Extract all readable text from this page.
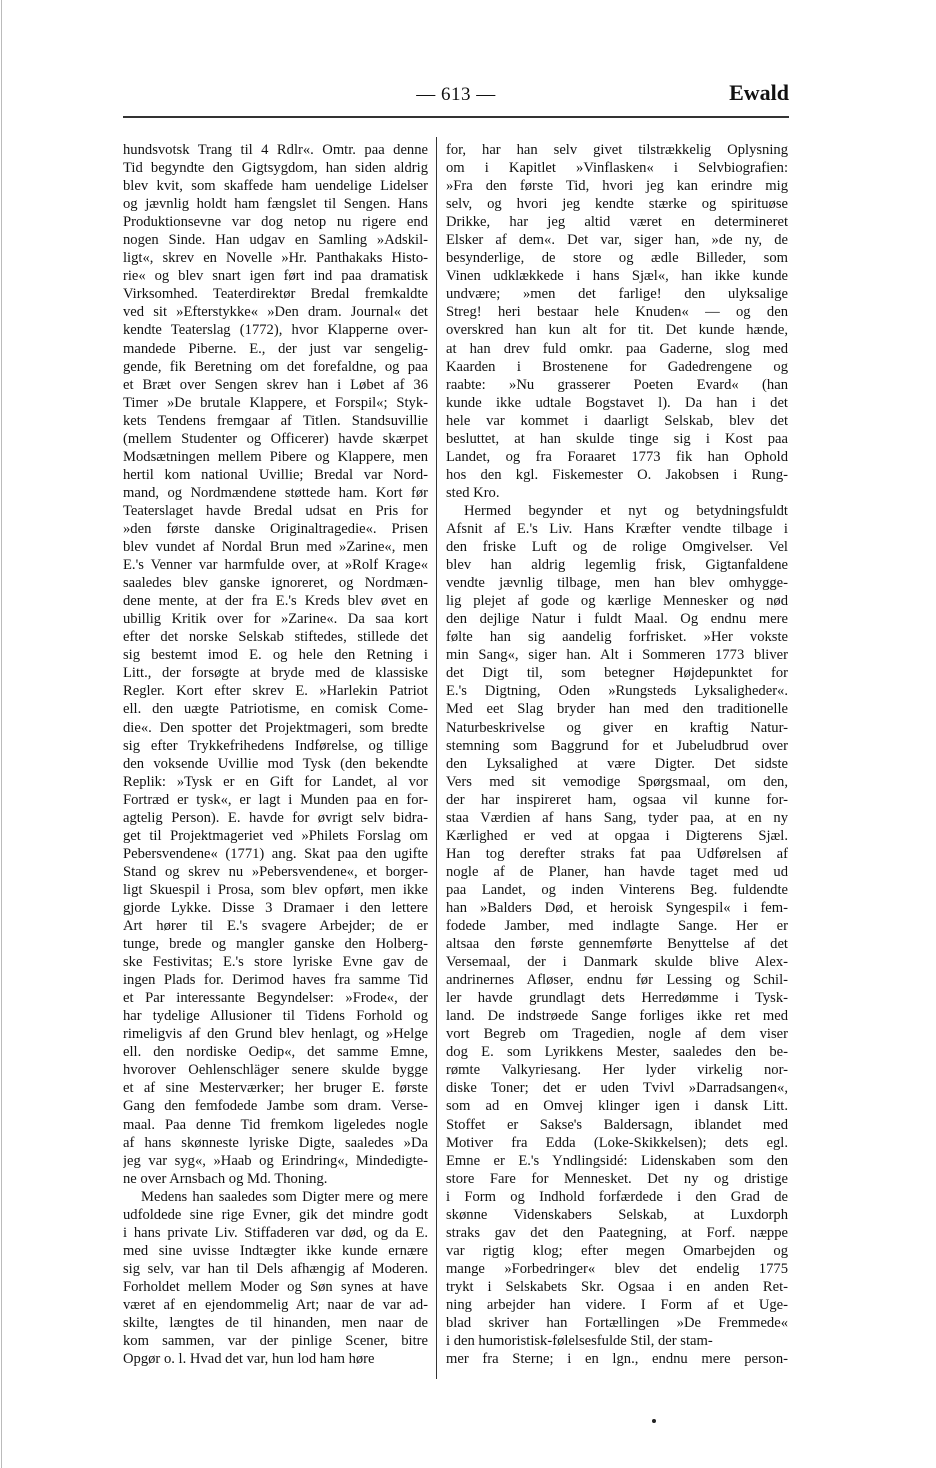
— 613 —	Ewald
hundsvotsk Trang til 4 Rdlr«. Omtr. paa denne
Tid begyndte den Gigtsygdom, han siden aldrig
blev kvit, som skaffede ham uendelige Lidelser
og jævnlig holdt ham fængslet til Sengen. Hans
Produktionsevne var dog netop nu rigere end
nogen Sinde. Han udgav en Samling »Adskil-
ligt«, skrev en Novelle »Hr. Panthakaks Histo-
rie« og blev snart igen ført ind paa dramatisk
Virksomhed. Teaterdirektør Bredal fremkaldte
ved sit »Efterstykke« »Den dram. Journal« det
kendte Teaterslag (1772), hvor Klapperne over-
mandede Piberne. E., der just var sengelig-
gende, fik Beretning om det forefaldne, og paa
et Bræt over Sengen skrev han i Løbet af 36
Timer »De brutale Klappere, et Forspil«; Styk-
kets Tendens fremgaar af Titlen. Standsuvillie
(mellem Studenter og Officerer) havde skærpet
Modsætningen mellem Pibere og Klappere, men
hertil kom national Uvillie; Bredal var Nord-
mand, og Nordmændene støttede ham. Kort før
Teaterslaget havde Bredal udsat en Pris for
»den første danske Originaltragedie«. Prisen
blev vundet af Nordal Brun med »Zarine«, men
E.'s Venner var harmfulde over, at »Rolf Krage«
saaledes blev ganske ignoreret, og Nordmæn-
dene mente, at der fra E.'s Kreds blev øvet en
ubillig Kritik over for »Zarine«. Da saa kort
efter det norske Selskab stiftedes, stillede det
sig bestemt imod E. og hele den Retning i
Litt., der forsøgte at bryde med de klassiske
Regler. Kort efter skrev E. »Harlekin Patriot
ell. den uægte Patriotisme, en comisk Come-
die«. Den spotter det Projektmageri, som bredte
sig efter Trykkefrihedens Indførelse, og tillige
den voksende Uvillie mod Tysk (den bekendte
Replik: »Tysk er en Gift for Landet, al vor
Fortræd er tysk«, er lagt i Munden paa en for-
agtelig Person). E. havde for øvrigt selv bidra-
get til Projektmageriet ved »Philets Forslag om
Pebersvendene« (1771) ang. Skat paa den ugifte
Stand og skrev nu »Pebersvendene«, et borger-
ligt Skuespil i Prosa, som blev opført, men ikke
gjorde Lykke. Disse 3 Dramaer i den lettere
Art hører til E.'s svagere Arbejder; de er
tunge, brede og mangler ganske den Holberg-
ske Festivitas; E.'s store lyriske Evne gav de
ingen Plads for. Derimod haves fra samme Tid
et Par interessante Begyndelser: »Frode«, der
har tydelige Allusioner til Tidens Forhold og
rimeligvis af den Grund blev henlagt, og »Helge
ell. den nordiske Oedip«, det samme Emne,
hvorover Oehlenschläger senere skulde bygge
et af sine Mesterværker; her bruger E. første
Gang den femfodede Jambe som dram. Verse-
maal. Paa denne Tid fremkom ligeledes nogle
af hans skønneste lyriske Digte, saaledes »Da
jeg var syg«, »Haab og Erindring«, Mindedigte-
ne over Arnsbach og Md. Thoning.
Medens han saaledes som Digter mere og mere
udfoldede sine rige Evner, gik det mindre godt
i hans private Liv. Stiffaderen var død, og da E.
med sine uvisse Indtægter ikke kunde ernære
sig selv, var han til Dels afhængig af Moderen.
Forholdet mellem Moder og Søn synes at have
været af en ejendommelig Art; naar de var ad-
skilte, længtes de til hinanden, men naar de
kom sammen, var der pinlige Scener, bitre
Opgør o. l. Hvad det var, hun lod ham høre
for, har han selv givet tilstrækkelig Oplysning
om i Kapitlet »Vinflasken« i Selvbiografien:
»Fra den første Tid, hvori jeg kan erindre mig
selv, og hvori jeg kendte stærke og spirituøse
Drikke, har jeg altid været en determineret
Elsker af dem«. Det var, siger han, »de ny, de
besynderlige, de store og ædle Billeder, som
Vinen udklækkede i hans Sjæl«, han ikke kunde
undvære; »men det farlige! den ulyksalige
Streg! heri bestaar hele Knuden« — og den
overskred han kun alt for tit. Det kunde hænde,
at han drev fuld omkr. paa Gaderne, slog med
Kaarden i Brostenene for Gadedrengene og
raabte: »Nu grasserer Poeten Evard« (han
kunde ikke udtale Bogstavet l). Da han i det
hele var kommet i daarligt Selskab, blev det
besluttet, at han skulde tinge sig i Kost paa
Landet, og fra Foraaret 1773 fik han Ophold
hos den kgl. Fiskemester O. Jakobsen i Rung-
sted Kro.
Hermed begynder et nyt og betydningsfuldt
Afsnit af E.'s Liv. Hans Kræfter vendte tilbage i
den friske Luft og de rolige Omgivelser. Vel
blev han aldrig legemlig frisk, Gigtanfaldene
vendte jævnlig tilbage, men han blev omhygge-
lig plejet af gode og kærlige Mennesker og nød
den dejlige Natur i fuldt Maal. Og endnu mere
følte han sig aandelig forfrisket. »Her vokste
min Sang«, siger han. Alt i Sommeren 1773 bliver
det Digt til, som betegner Højdepunktet for
E.'s Digtning, Oden »Rungsteds Lyksaligheder«.
Med eet Slag bryder han med den traditionelle
Naturbeskrivelse og giver en kraftig Natur-
stemning som Baggrund for et Jubeludbrud over
den Lyksalighed at være Digter. Det sidste
Vers med sit vemodige Spørgsmaal, om den,
der har inspireret ham, ogsaa vil kunne for-
staa Værdien af hans Sang, tyder paa, at en ny
Kærlighed er ved at opgaa i Digterens Sjæl.
Han tog derefter straks fat paa Udførelsen af
nogle af de Planer, han havde taget med ud
paa Landet, og inden Vinterens Beg. fuldendte
han »Balders Død, et heroisk Syngespil« i fem-
fodede Jamber, med indlagte Sange. Her er
altsaa den første gennemførte Benyttelse af det
Versemaal, der i Danmark skulde blive Alex-
andrinernes Afløser, endnu før Lessing og Schil-
ler havde grundlagt dets Herredømme i Tysk-
land. De indstrøede Sange forliges ikke ret med
vort Begreb om Tragedien, nogle af dem viser
dog E. som Lyrikkens Mester, saaledes den be-
rømte Valkyriesang. Her lyder virkelig nor-
diske Toner; det er uden Tvivl »Darradsangen«,
som ad en Omvej klinger igen i dansk Litt.
Stoffet er Sakse's Baldersagn, iblandet med
Motiver fra Edda (Loke-Skikkelsen); dets egl.
Emne er E.'s Yndlingsidé: Lidenskaben som den
store Fare for Mennesket. Det ny og dristige
i Form og Indhold forfærdede i den Grad de
skønne Videnskabers Selskab, at Luxdorph
straks gav det den Paategning, at Forf. næppe
var rigtig klog; efter megen Omarbejden og
mange »Forbedringer« blev det endelig 1775
trykt i Selskabets Skr. Ogsaa i en anden Ret-
ning arbejder han videre. I Form af et Uge-
blad skriver han Fortællingen »De Fremmede«
i den humoristisk-følelsesfulde Stil, der stam-
mer fra Sterne; i en lgn., endnu mere person-
